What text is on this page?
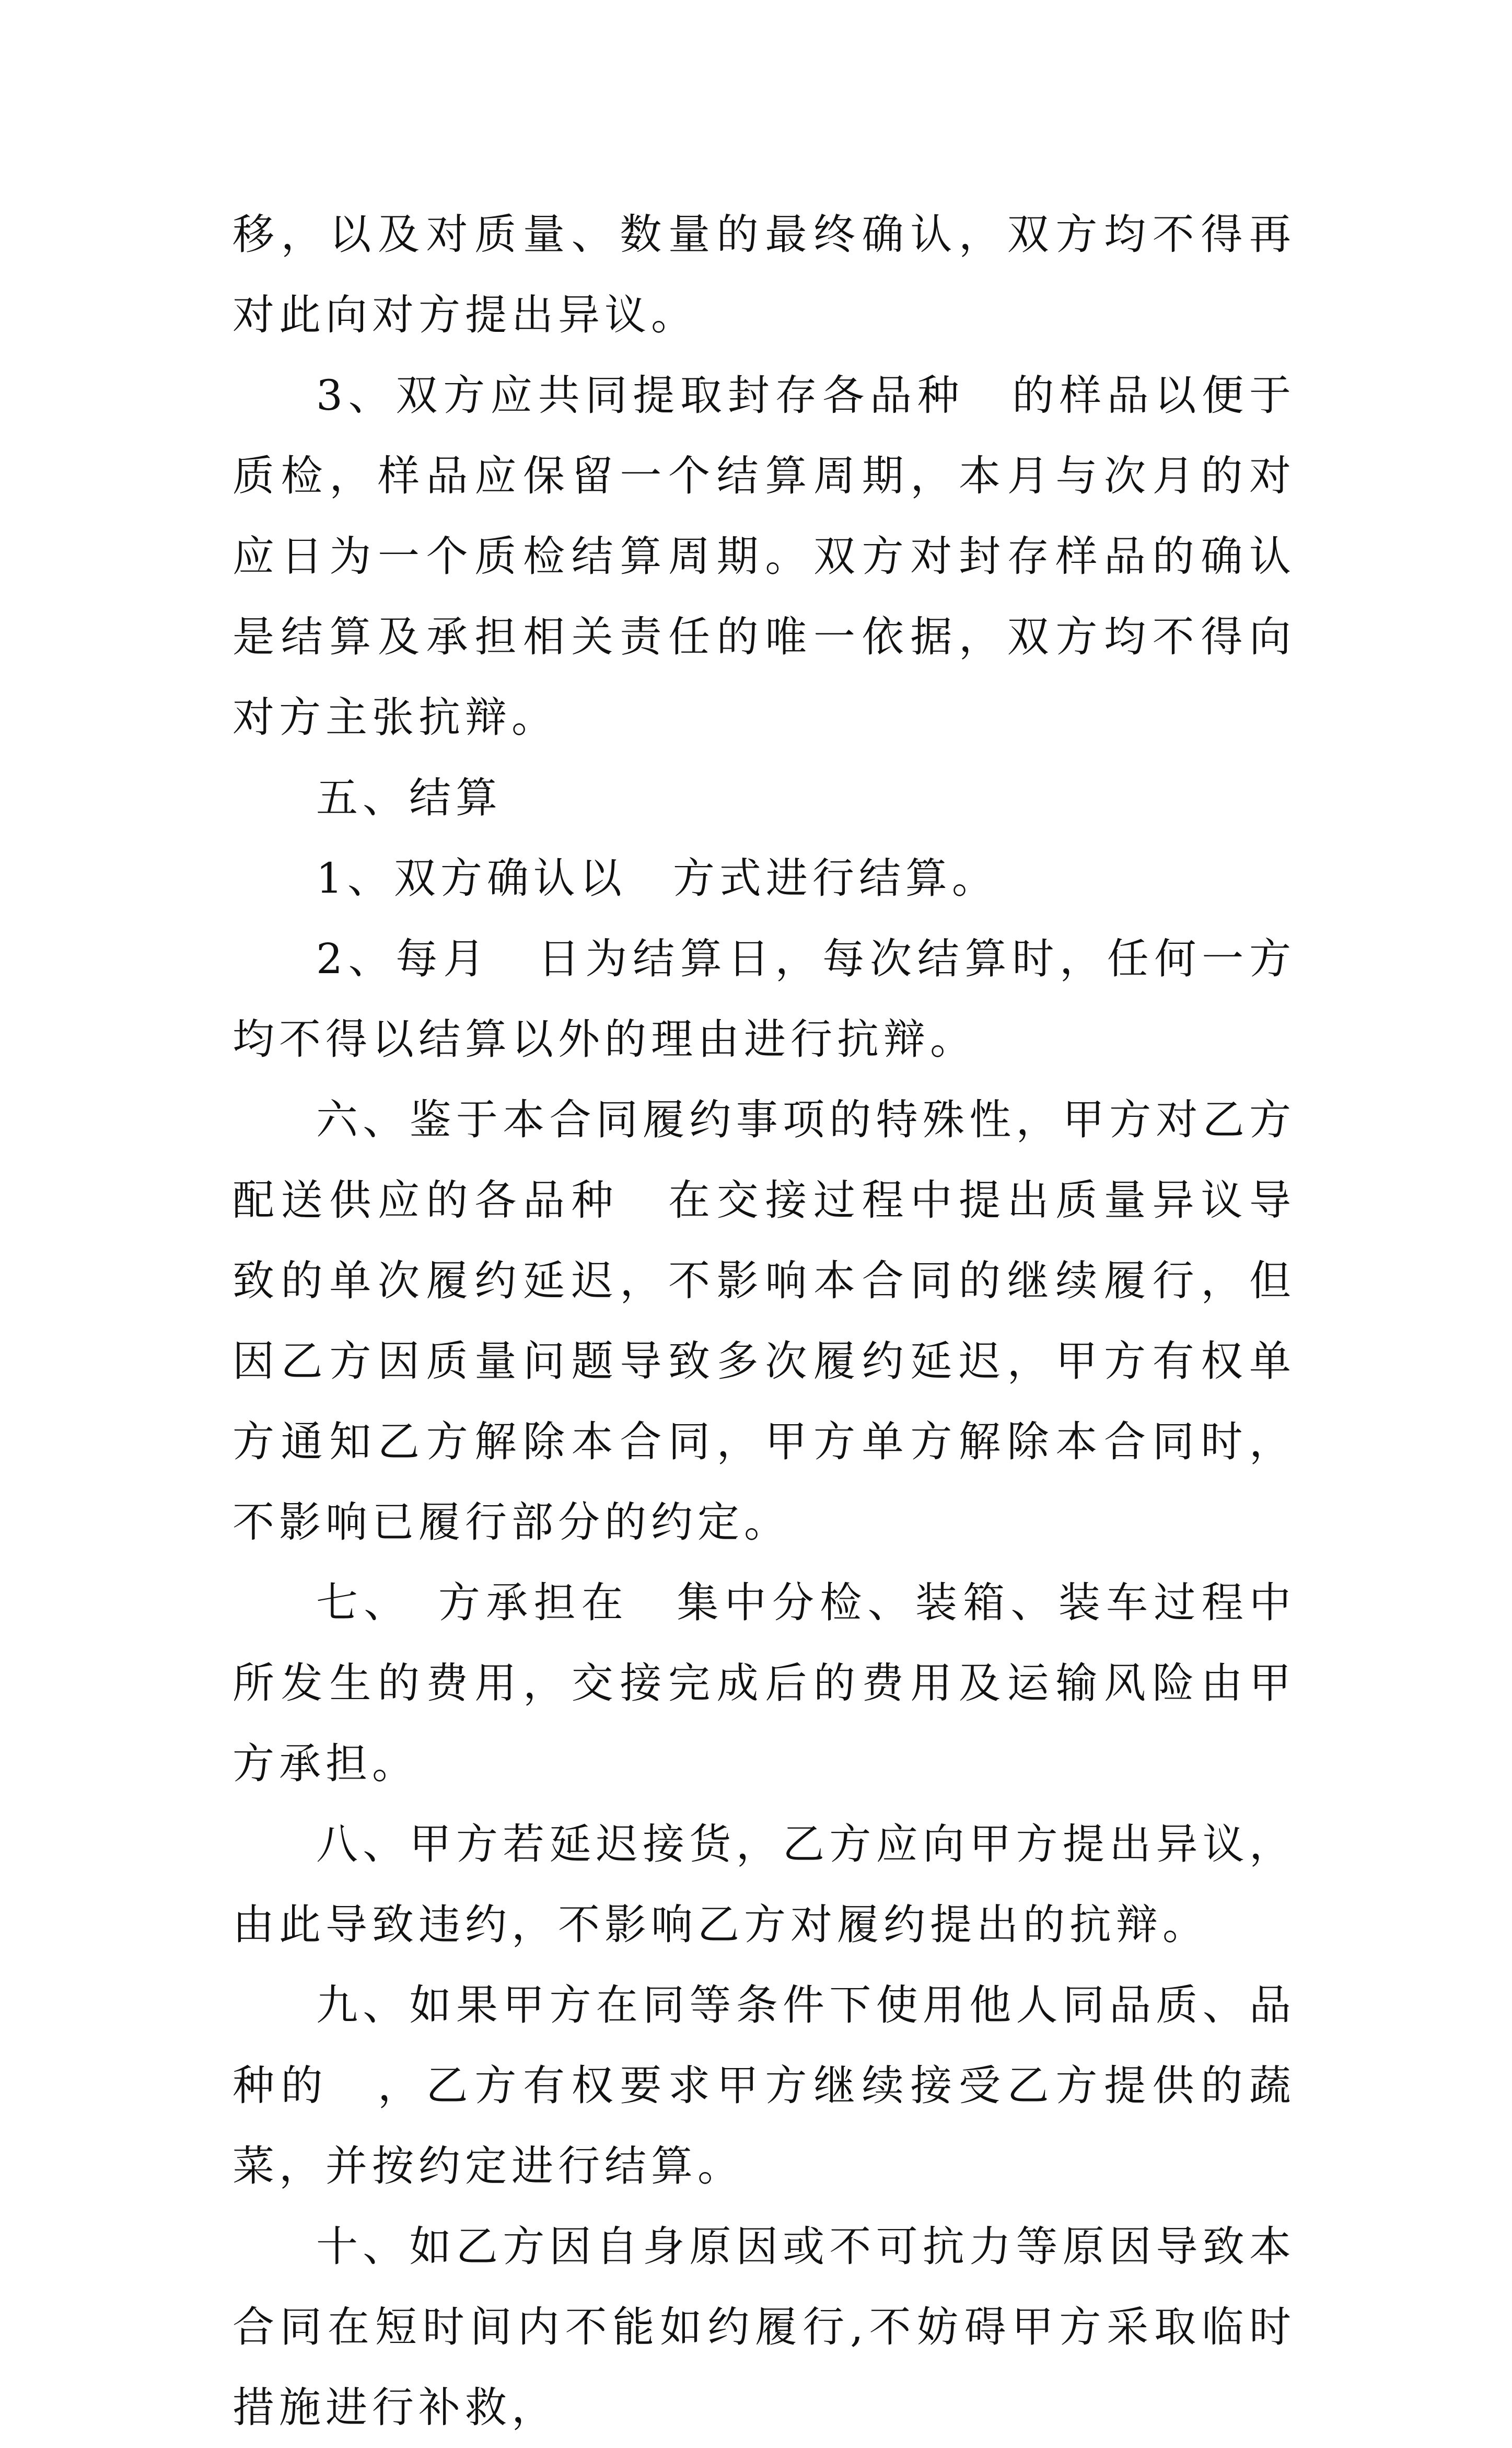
移，以及对质量、数量的最终确认，双方均不得再对此向对方提出异议。

3、双方应共同提取封存各品种　的样品以便于质检，样品应保留一个结算周期，本月与次月的对应日为一个质检结算周期。双方对封存样品的确认是结算及承担相关责任的唯一依据，双方均不得向对方主张抗辩。

五、结算

1、双方确认以　方式进行结算。

2、每月　日为结算日，每次结算时，任何一方均不得以结算以外的理由进行抗辩。

六、鉴于本合同履约事项的特殊性，甲方对乙方配送供应的各品种　在交接过程中提出质量异议导致的单次履约延迟，不影响本合同的继续履行，但因乙方因质量问题导致多次履约延迟，甲方有权单方通知乙方解除本合同，甲方单方解除本合同时，不影响已履行部分的约定。

七、　方承担在　集中分检、装箱、装车过程中所发生的费用，交接完成后的费用及运输风险由甲方承担。

八、甲方若延迟接货，乙方应向甲方提出异议，由此导致违约，不影响乙方对履约提出的抗辩。

九、如果甲方在同等条件下使用他人同品质、品种的　，乙方有权要求甲方继续接受乙方提供的蔬菜，并按约定进行结算。

十、如乙方因自身原因或不可抗力等原因导致本合同在短时间内不能如约履行,不妨碍甲方采取临时措施进行补救，
